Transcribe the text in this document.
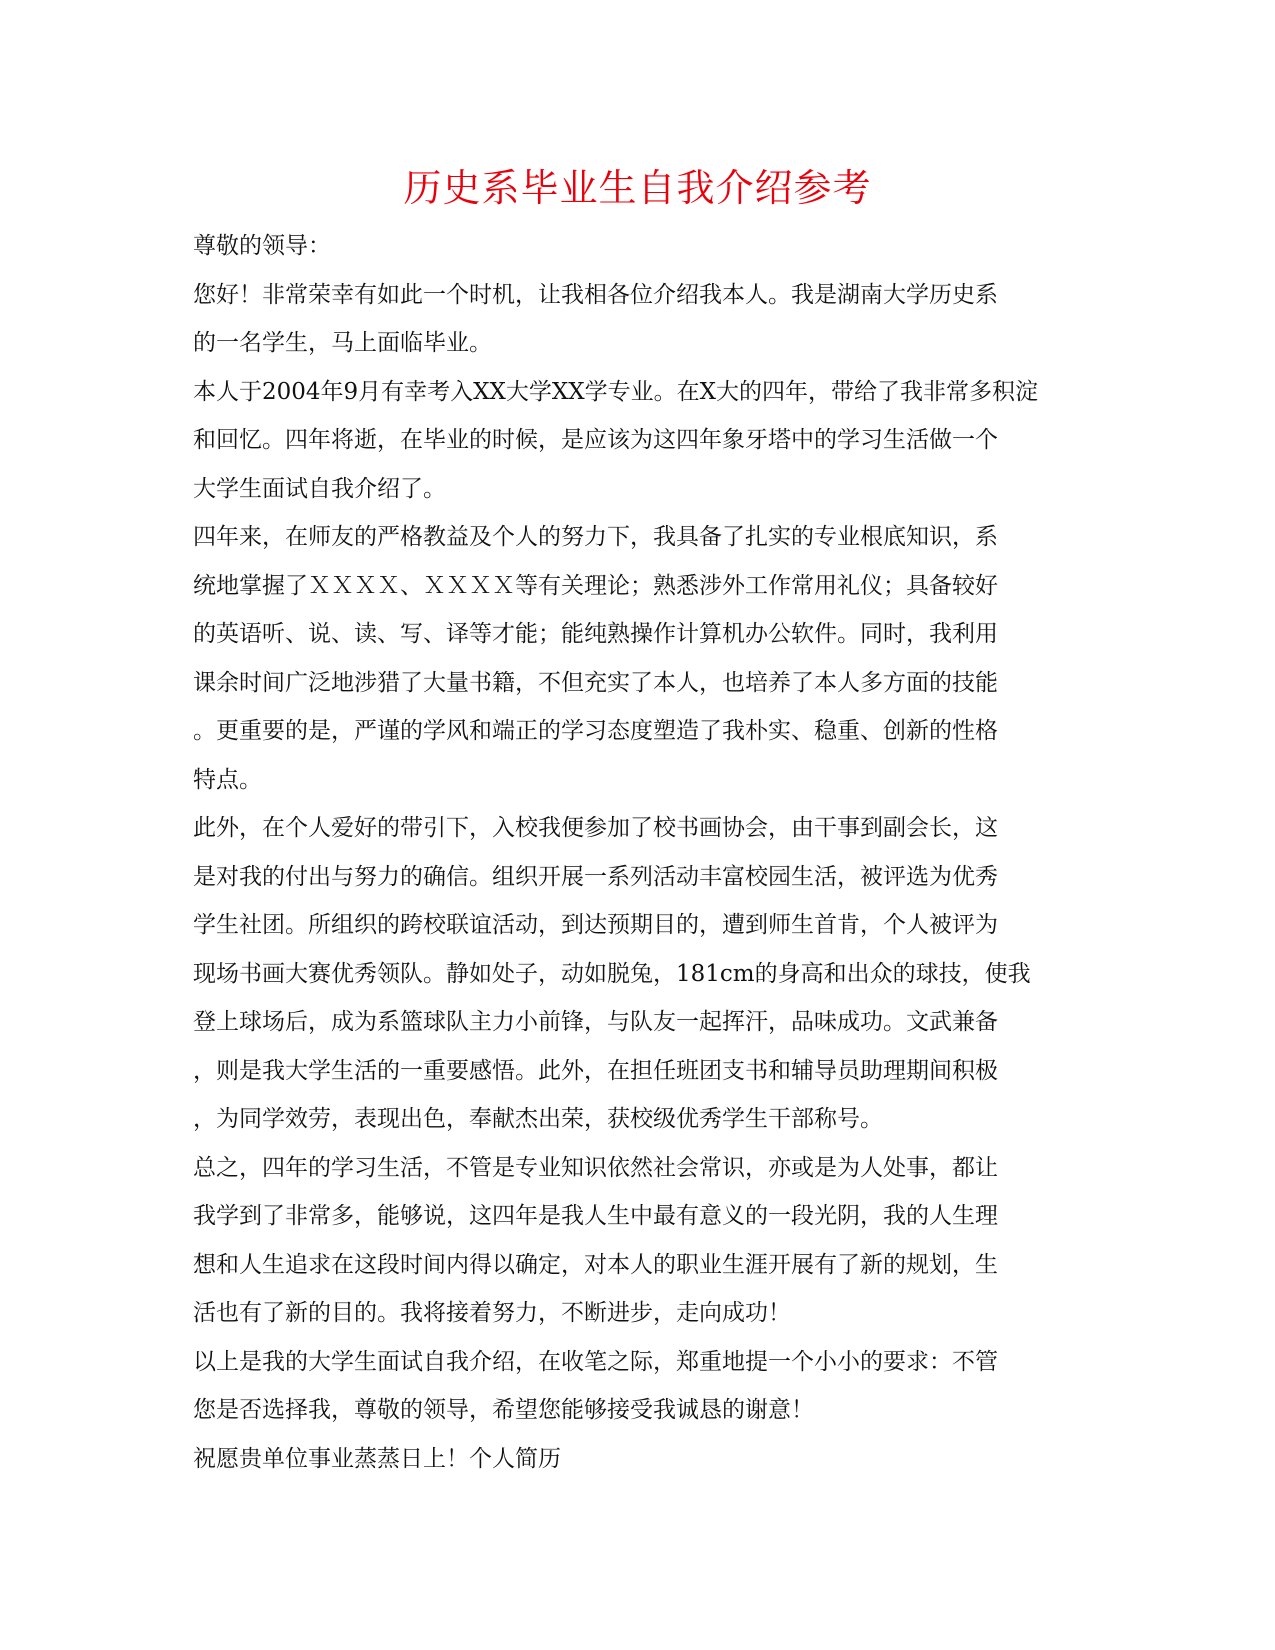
历史系毕业生自我介绍参考
尊敬的领导：
您好！非常荣幸有如此一个时机，让我相各位介绍我本人。我是湖南大学历史系
的一名学生，马上面临毕业。
本人于2004年9月有幸考入XX大学XX学专业。在X大的四年，带给了我非常多积淀
和回忆。四年将逝，在毕业的时候，是应该为这四年象牙塔中的学习生活做一个
大学生面试自我介绍了。
四年来，在师友的严格教益及个人的努力下，我具备了扎实的专业根底知识，系
统地掌握了ＸＸＸＸ、ＸＸＸＸ等有关理论；熟悉涉外工作常用礼仪；具备较好
的英语听、说、读、写、译等才能；能纯熟操作计算机办公软件。同时，我利用
课余时间广泛地涉猎了大量书籍，不但充实了本人，也培养了本人多方面的技能
。更重要的是，严谨的学风和端正的学习态度塑造了我朴实、稳重、创新的性格
特点。
此外，在个人爱好的带引下，入校我便参加了校书画协会，由干事到副会长，这
是对我的付出与努力的确信。组织开展一系列活动丰富校园生活，被评选为优秀
学生社团。所组织的跨校联谊活动，到达预期目的，遭到师生首肯，个人被评为
现场书画大赛优秀领队。静如处子，动如脱兔，181cm的身高和出众的球技，使我
登上球场后，成为系篮球队主力小前锋，与队友一起挥汗，品味成功。文武兼备
，则是我大学生活的一重要感悟。此外，在担任班团支书和辅导员助理期间积极
，为同学效劳，表现出色，奉献杰出荣，获校级优秀学生干部称号。
总之，四年的学习生活，不管是专业知识依然社会常识，亦或是为人处事，都让
我学到了非常多，能够说，这四年是我人生中最有意义的一段光阴，我的人生理
想和人生追求在这段时间内得以确定，对本人的职业生涯开展有了新的规划，生
活也有了新的目的。我将接着努力，不断进步，走向成功！
以上是我的大学生面试自我介绍，在收笔之际，郑重地提一个小小的要求：不管
您是否选择我，尊敬的领导，希望您能够接受我诚恳的谢意！
祝愿贵单位事业蒸蒸日上！个人简历
